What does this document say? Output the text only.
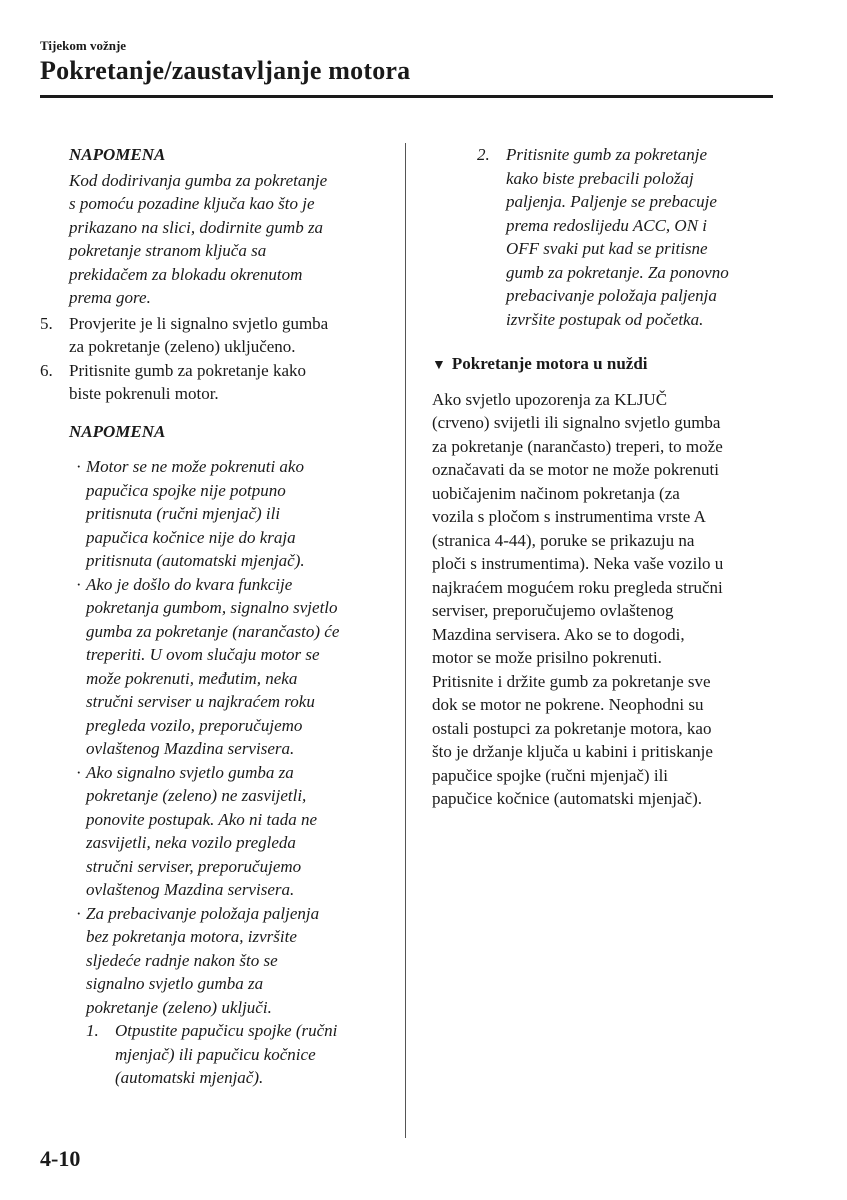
Tijekom vožnje
Pokretanje/zaustavljanje motora
NAPOMENA
Kod dodirivanja gumba za pokretanje
s pomoću pozadine ključa kao što je
prikazano na slici, dodirnite gumb za
pokretanje stranom ključa sa
prekidačem za blokadu okrenutom
prema gore.
5. Provjerite je li signalno svjetlo gumba
za pokretanje (zeleno) uključeno.
6. Pritisnite gumb za pokretanje kako
biste pokrenuli motor.
NAPOMENA
· Motor se ne može pokrenuti ako
papučica spojke nije potpuno
pritisnuta (ručni mjenjač) ili
papučica kočnice nije do kraja
pritisnuta (automatski mjenjač).
· Ako je došlo do kvara funkcije
pokretanja gumbom, signalno svjetlo
gumba za pokretanje (narančasto) će
treperiti. U ovom slučaju motor se
može pokrenuti, međutim, neka
stručni serviser u najkraćem roku
pregleda vozilo, preporučujemo
ovlaštenog Mazdina servisera.
· Ako signalno svjetlo gumba za
pokretanje (zeleno) ne zasvijetli,
ponovite postupak. Ako ni tada ne
zasvijetli, neka vozilo pregleda
stručni serviser, preporučujemo
ovlaštenog Mazdina servisera.
· Za prebacivanje položaja paljenja
bez pokretanja motora, izvršite
sljedeće radnje nakon što se
signalno svjetlo gumba za
pokretanje (zeleno) uključi.
1. Otpustite papučicu spojke (ručni
mjenjač) ili papučicu kočnice
(automatski mjenjač).
2. Pritisnite gumb za pokretanje
kako biste prebacili položaj
paljenja. Paljenje se prebacuje
prema redoslijedu ACC, ON i
OFF svaki put kad se pritisne
gumb za pokretanje. Za ponovno
prebacivanje položaja paljenja
izvršite postupak od početka.
▼ Pokretanje motora u nuždi
Ako svjetlo upozorenja za KLJUČ
(crveno) svijetli ili signalno svjetlo gumba
za pokretanje (narančasto) treperi, to može
označavati da se motor ne može pokrenuti
uobičajenim načinom pokretanja (za
vozila s pločom s instrumentima vrste A
(stranica 4-44), poruke se prikazuju na
ploči s instrumentima). Neka vaše vozilo u
najkraćem mogućem roku pregleda stručni
serviser, preporučujemo ovlaštenog
Mazdina servisera. Ako se to dogodi,
motor se može prisilno pokrenuti.
Pritisnite i držite gumb za pokretanje sve
dok se motor ne pokrene. Neophodni su
ostali postupci za pokretanje motora, kao
što je držanje ključa u kabini i pritiskanje
papučice spojke (ručni mjenjač) ili
papučice kočnice (automatski mjenjač).
4-10
